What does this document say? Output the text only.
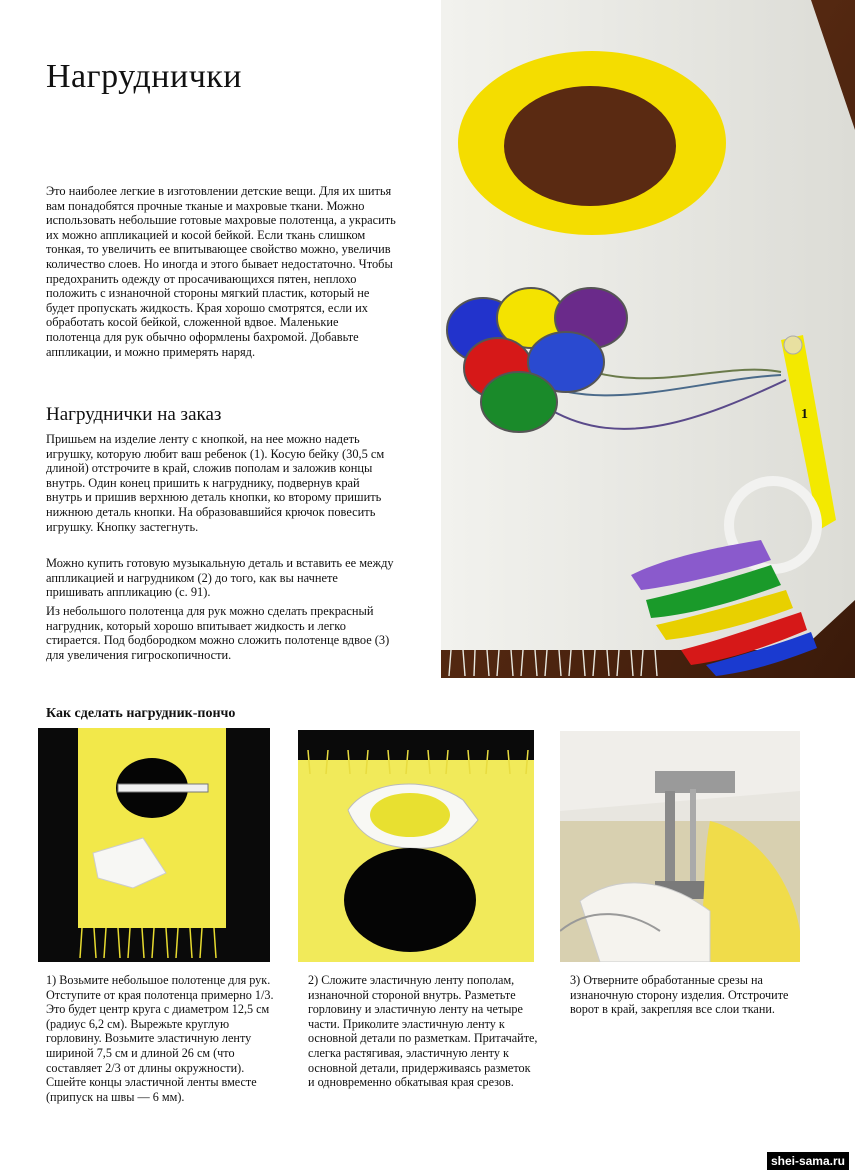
Нагруднички

Это наиболее легкие в изготовлении детские вещи. Для их шитья вам понадобятся прочные тканые и махровые ткани. Можно использовать небольшие готовые махровые полотенца, а украсить их можно аппликацией и косой бейкой. Если ткань слишком тонкая, то увеличить ее впитывающее свойство можно, увеличив количество слоев. Но иногда и этого бывает недостаточно. Чтобы предохранить одежду от просачивающихся пятен, неплохо положить с изнаночной стороны мягкий пластик, который не будет пропускать жидкость. Края хорошо смотрятся, если их обработать косой бейкой, сложенной вдвое. Маленькие полотенца для рук обычно оформлены бахромой. Добавьте аппликации, и можно примерять наряд.

Нагруднички на заказ

Пришьем на изделие ленту с кнопкой, на нее можно надеть игрушку, которую любит ваш ребенок (1). Косую бейку (30,5 см длиной) отстрочите в край, сложив пополам и заложив концы внутрь. Один конец пришить к нагруднику, подвернув край внутрь и пришив верхнюю деталь кнопки, ко второму пришить нижнюю деталь кнопки. На образовавшийся крючок повесить игрушку. Кнопку застегнуть.

Можно купить готовую музыкальную деталь и вставить ее между аппликацией и нагрудником (2) до того, как вы начнете пришивать аппликацию (с. 91).

Из небольшого полотенца для рук можно сделать прекрасный нагрудник, который хорошо впитывает жидкость и легко стирается. Под бодбородком можно сложить полотенце вдвое (3) для увеличения гигроскопичности.

1
Как сделать нагрудник-пончо

1) Возьмите небольшое полотенце для рук. Отступите от края полотенца примерно 1/3. Это будет центр круга с диаметром 12,5 см (радиус 6,2 см). Вырежьте круглую горловину. Возьмите эластичную ленту шириной 7,5 см и длиной 26 см (что составляет 2/3 от длины окружности). Сшейте концы эластичной ленты вместе (припуск на швы — 6 мм).

2) Сложите эластичную ленту пополам, изнаночной стороной внутрь. Разметьте горловину и эластичную ленту на четыре части. Приколите эластичную ленту к основной детали по разметкам. Притачайте, слегка растягивая, эластичную ленту к основной детали, придерживаясь разметок и одновременно обкатывая края срезов.

3) Отверните обработанные срезы на изнаночную сторону изделия. Отстрочите ворот в край, закрепляя все слои ткани.

shei-sama.ru
